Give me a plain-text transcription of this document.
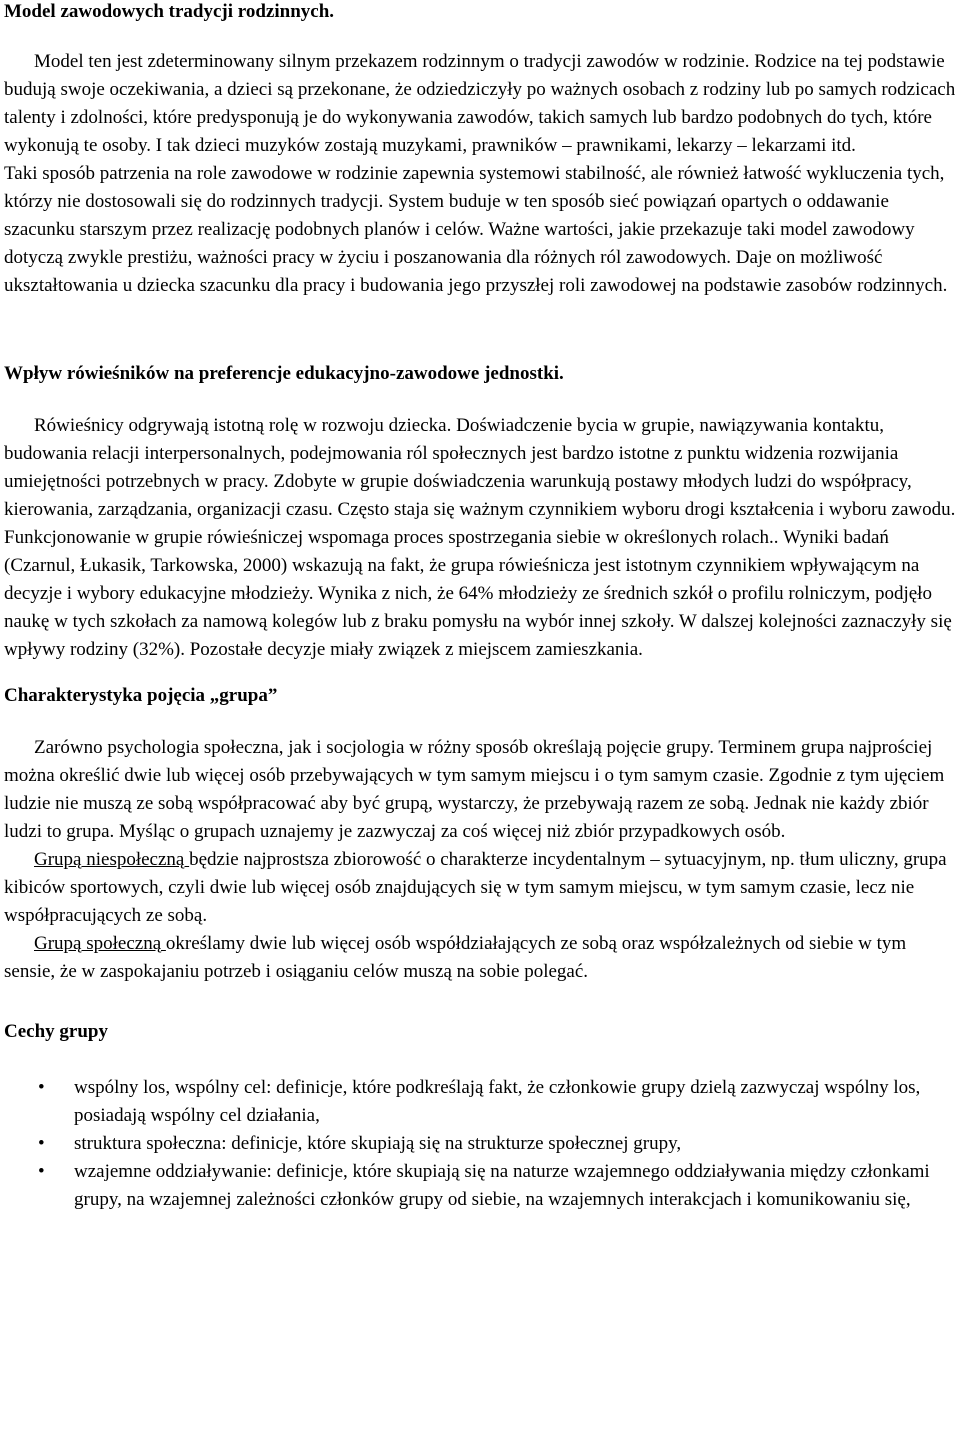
Model zawodowych tradycji rodzinnych.

Model ten jest zdeterminowany silnym przekazem rodzinnym o tradycji zawodów w rodzinie. Rodzice na tej podstawie budują swoje oczekiwania, a dzieci są przekonane, że odziedziczyły po ważnych osobach z rodziny lub po samych rodzicach talenty i zdolności, które predysponują je do wykonywania zawodów, takich samych lub bardzo podobnych do tych, które wykonują te osoby. I tak dzieci muzyków zostają muzykami, prawników – prawnikami, lekarzy – lekarzami itd.

Taki sposób patrzenia na role zawodowe w rodzinie zapewnia systemowi stabilność, ale również łatwość wykluczenia tych, którzy nie dostosowali się do rodzinnych tradycji. System buduje w ten sposób sieć powiązań opartych o oddawanie szacunku starszym przez realizację podobnych planów i celów. Ważne wartości, jakie przekazuje taki model zawodowy dotyczą zwykle prestiżu, ważności pracy w życiu i poszanowania dla różnych ról zawodowych. Daje on możliwość ukształtowania u dziecka szacunku dla pracy i budowania jego przyszłej roli zawodowej na podstawie zasobów rodzinnych.

Wpływ rówieśników na preferencje edukacyjno-zawodowe jednostki.

Rówieśnicy odgrywają istotną rolę w rozwoju dziecka. Doświadczenie bycia w grupie, nawiązywania kontaktu, budowania relacji interpersonalnych, podejmowania ról społecznych jest bardzo istotne z punktu widzenia rozwijania umiejętności potrzebnych w pracy. Zdobyte w grupie doświadczenia warunkują postawy młodych ludzi do współpracy, kierowania, zarządzania, organizacji czasu. Często staja się ważnym czynnikiem wyboru drogi kształcenia i wyboru zawodu. Funkcjonowanie w grupie rówieśniczej wspomaga proces spostrzegania siebie w określonych rolach.. Wyniki badań (Czarnul, Łukasik, Tarkowska, 2000) wskazują na fakt, że grupa rówieśnicza jest istotnym czynnikiem wpływającym na decyzje i wybory edukacyjne młodzieży. Wynika z nich, że 64% młodzieży ze średnich szkół o profilu rolniczym, podjęło naukę w tych szkołach za namową kolegów lub z braku pomysłu na wybór innej szkoły. W dalszej kolejności zaznaczyły się wpływy rodziny (32%). Pozostałe decyzje miały związek z miejscem zamieszkania.

Charakterystyka pojęcia „grupa”

Zarówno psychologia społeczna, jak i socjologia w różny sposób określają pojęcie grupy. Terminem grupa najprościej można określić dwie lub więcej osób przebywających w tym samym miejscu i o tym samym czasie. Zgodnie z tym ujęciem ludzie nie muszą ze sobą współpracować aby być grupą, wystarczy, że przebywają razem ze sobą. Jednak nie każdy zbiór ludzi to grupa. Myśląc o grupach uznajemy je zazwyczaj za coś więcej niż zbiór przypadkowych osób.

Grupą niespołeczną będzie najprostsza zbiorowość o charakterze incydentalnym – sytuacyjnym, np. tłum uliczny, grupa kibiców sportowych, czyli dwie lub więcej osób znajdujących się w tym samym miejscu, w tym samym czasie, lecz nie współpracujących ze sobą.

Grupą społeczną określamy dwie lub więcej osób współdziałających ze sobą oraz współzależnych od siebie w tym sensie, że w zaspokajaniu potrzeb i osiąganiu celów muszą na sobie polegać.

Cechy grupy
• wspólny los, wspólny cel: definicje, które podkreślają fakt, że członkowie grupy dzielą zazwyczaj wspólny los, posiadają wspólny cel działania,
• struktura społeczna: definicje, które skupiają się na strukturze społecznej grupy,
• wzajemne oddziaływanie: definicje, które skupiają się na naturze wzajemnego oddziaływania między członkami grupy, na wzajemnej zależności członków grupy od siebie, na wzajemnych interakcjach i komunikowaniu się,
